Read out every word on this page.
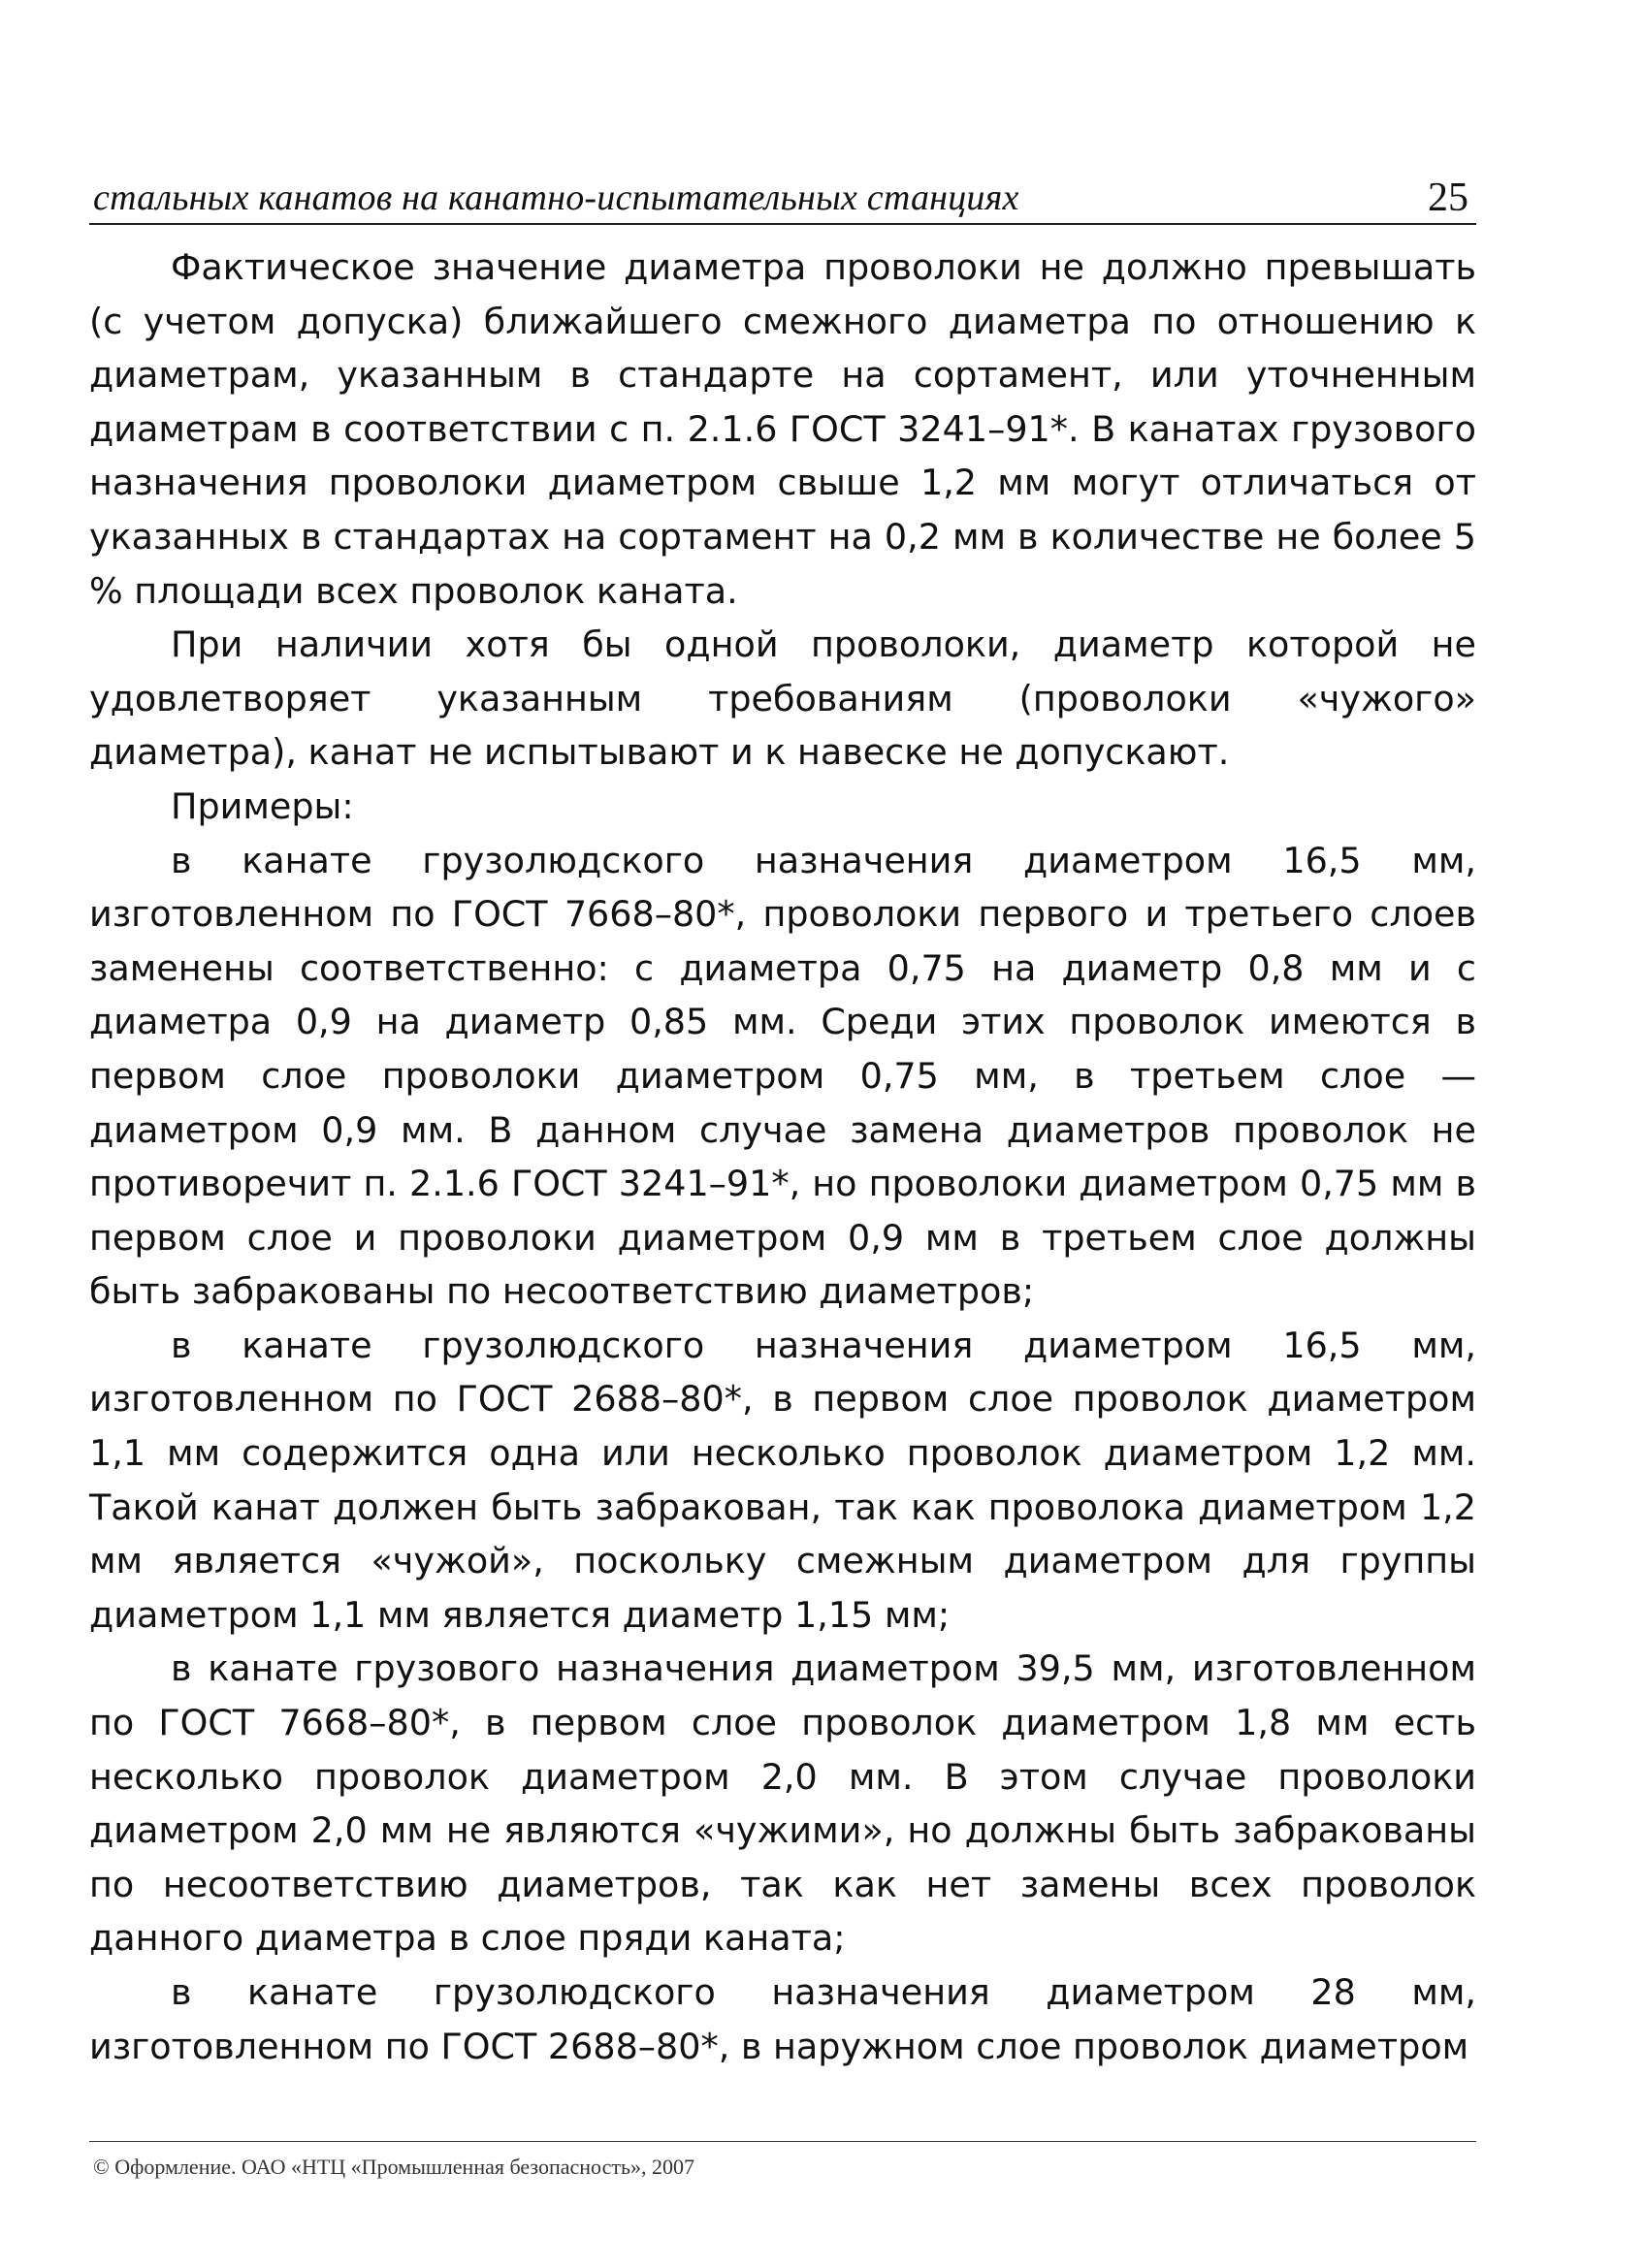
стальных канатов на канатно-испытательных станциях	25

Фактическое значение диаметра проволоки не должно превышать (с учетом допуска) ближайшего смежного диаметра по отношению к диаметрам, указанным в стандарте на сортамент, или уточненным диаметрам в соответствии с п. 2.1.6 ГОСТ 3241–91*. В канатах грузового назначения проволоки диаметром свыше 1,2 мм могут отличаться от указанных в стандартах на сортамент на 0,2 мм в количестве не более 5 % площади всех проволок каната.

При наличии хотя бы одной проволоки, диаметр которой не удовлетворяет указанным требованиям (проволоки «чужого» диаметра), канат не испытывают и к навеске не допускают.

Примеры:

в канате грузолюдского назначения диаметром 16,5 мм, изготовленном по ГОСТ 7668–80*, проволоки первого и третьего слоев заменены соответственно: с диаметра 0,75 на диаметр 0,8 мм и с диаметра 0,9 на диаметр 0,85 мм. Среди этих проволок имеются в первом слое проволоки диаметром 0,75 мм, в третьем слое — диаметром 0,9 мм. В данном случае замена диаметров проволок не противоречит п. 2.1.6 ГОСТ 3241–91*, но проволоки диаметром 0,75 мм в первом слое и проволоки диаметром 0,9 мм в третьем слое должны быть забракованы по несоответствию диаметров;

в канате грузолюдского назначения диаметром 16,5 мм, изготовленном по ГОСТ 2688–80*, в первом слое проволок диаметром 1,1 мм содержится одна или несколько проволок диаметром 1,2 мм. Такой канат должен быть забракован, так как проволока диаметром 1,2 мм является «чужой», поскольку смежным диаметром для группы диаметром 1,1 мм является диаметр 1,15 мм;

в канате грузового назначения диаметром 39,5 мм, изготовленном по ГОСТ 7668–80*, в первом слое проволок диаметром 1,8 мм есть несколько проволок диаметром 2,0 мм. В этом случае проволоки диаметром 2,0 мм не являются «чужими», но должны быть забракованы по несоответствию диаметров, так как нет замены всех проволок данного диаметра в слое пряди каната;

в канате грузолюдского назначения диаметром 28 мм, изготовленном по ГОСТ 2688–80*, в наружном слое проволок диаметром

© Оформление. ОАО «НТЦ «Промышленная безопасность», 2007
